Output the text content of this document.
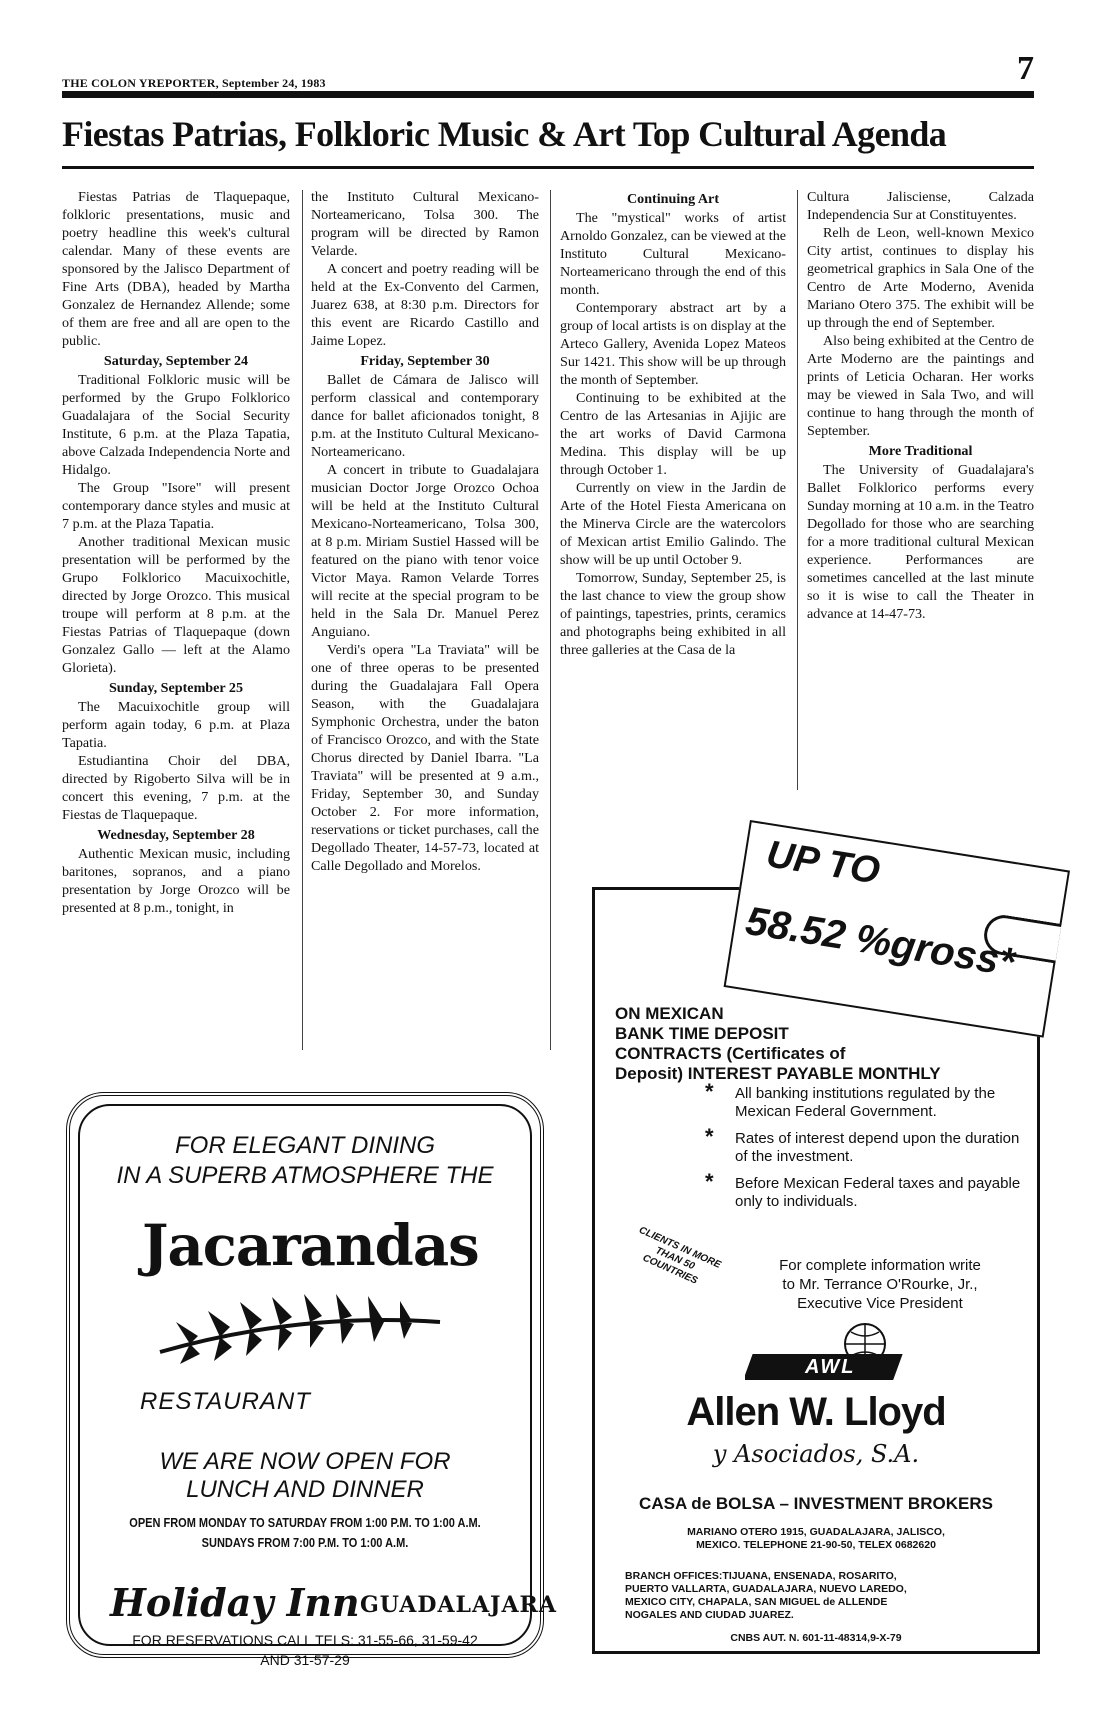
THE COLON YREPORTER, September 24, 1983	7
Fiestas Patrias, Folkloric Music & Art Top Cultural Agenda

Fiestas Patrias de Tlaquepaque, folkloric presentations, music and poetry headline this week's cultural calendar. Many of these events are sponsored by the Jalisco Department of Fine Arts (DBA), headed by Martha Gonzalez de Hernandez Allende; some of them are free and all are open to the public.

Saturday, September 24

Traditional Folkloric music will be performed by the Grupo Folklorico Guadalajara of the Social Security Institute, 6 p.m. at the Plaza Tapatia, above Calzada Independencia Norte and Hidalgo.

The Group "Isore" will present contemporary dance styles and music at 7 p.m. at the Plaza Tapatia.

Another traditional Mexican music presentation will be performed by the Grupo Folklorico Macuixochitle, directed by Jorge Orozco. This musical troupe will perform at 8 p.m. at the Fiestas Patrias of Tlaquepaque (down Gonzalez Gallo — left at the Alamo Glorieta).

Sunday, September 25

The Macuixochitle group will perform again today, 6 p.m. at Plaza Tapatia.

Estudiantina Choir del DBA, directed by Rigoberto Silva will be in concert this evening, 7 p.m. at the Fiestas de Tlaquepaque.

Wednesday, September 28

Authentic Mexican music, including baritones, sopranos, and a piano presentation by Jorge Orozco will be presented at 8 p.m., tonight, in

the Instituto Cultural Mexicano-Norteamericano, Tolsa 300. The program will be directed by Ramon Velarde.

A concert and poetry reading will be held at the Ex-Convento del Carmen, Juarez 638, at 8:30 p.m. Directors for this event are Ricardo Castillo and Jaime Lopez.

Friday, September 30

Ballet de Cámara de Jalisco will perform classical and contemporary dance for ballet aficionados tonight, 8 p.m. at the Instituto Cultural Mexicano-Norteamericano.

A concert in tribute to Guadalajara musician Doctor Jorge Orozco Ochoa will be held at the Instituto Cultural Mexicano-Norteamericano, Tolsa 300, at 8 p.m. Miriam Sustiel Hassed will be featured on the piano with tenor voice Victor Maya. Ramon Velarde Torres will recite at the special program to be held in the Sala Dr. Manuel Perez Anguiano.

Verdi's opera "La Traviata" will be one of three operas to be presented during the Guadalajara Fall Opera Season, with the Guadalajara Symphonic Orchestra, under the baton of Francisco Orozco, and with the State Chorus directed by Daniel Ibarra. "La Traviata" will be presented at 9 a.m., Friday, September 30, and Sunday October 2. For more information, reservations or ticket purchases, call the Degollado Theater, 14-57-73, located at Calle Degollado and Morelos.

Continuing Art

The "mystical" works of artist Arnoldo Gonzalez, can be viewed at the Instituto Cultural Mexicano-Norteamericano through the end of this month.

Contemporary abstract art by a group of local artists is on display at the Arteco Gallery, Avenida Lopez Mateos Sur 1421. This show will be up through the month of September.

Continuing to be exhibited at the Centro de las Artesanias in Ajijic are the art works of David Carmona Medina. This display will be up through October 1.

Currently on view in the Jardin de Arte of the Hotel Fiesta Americana on the Minerva Circle are the watercolors of Mexican artist Emilio Galindo. The show will be up until October 9.

Tomorrow, Sunday, September 25, is the last chance to view the group show of paintings, tapestries, prints, ceramics and photographs being exhibited in all three galleries at the Casa de la

Cultura Jalisciense, Calzada Independencia Sur at Constituyentes.

Relh de Leon, well-known Mexico City artist, continues to display his geometrical graphics in Sala One of the Centro de Arte Moderno, Avenida Mariano Otero 375. The exhibit will be up through the end of September.

Also being exhibited at the Centro de Arte Moderno are the paintings and prints of Leticia Ocharan. Her works may be viewed in Sala Two, and will continue to hang through the month of September.

More Traditional

The University of Guadalajara's Ballet Folklorico performs every Sunday morning at 10 a.m. in the Teatro Degollado for those who are searching for a more traditional cultural Mexican experience. Performances are sometimes cancelled at the last minute so it is wise to call the Theater in advance at 14-47-73.

FOR ELEGANT DINING
IN A SUPERB ATMOSPHERE THE
Jacarandas
RESTAURANT
WE ARE NOW OPEN FOR
LUNCH AND DINNER
OPEN FROM MONDAY TO SATURDAY FROM 1:00 P.M. TO 1:00 A.M.
SUNDAYS FROM 7:00 P.M. TO 1:00 A.M.
Holiday Inn GUADALAJARA
FOR RESERVATIONS CALL TELS: 31-55-66, 31-59-42
AND 31-57-29
ON MEXICAN
BANK TIME DEPOSIT
CONTRACTS (Certificates of
Deposit) INTEREST PAYABLE MONTHLY
* All banking institutions regulated by the Mexican Federal Government.
* Rates of interest depend upon the duration of the investment.
* Before Mexican Federal taxes and payable only to individuals.
CLIENTS IN MORE THAN 50 COUNTRIES	For complete information write
to Mr. Terrance O'Rourke, Jr.,
Executive Vice President
AWL
Allen W. Lloyd
y Asociados, S.A.
CASA de BOLSA – INVESTMENT BROKERS
MARIANO OTERO 1915, GUADALAJARA, JALISCO,
MEXICO. TELEPHONE 21-90-50, TELEX 0682620
BRANCH OFFICES:TIJUANA, ENSENADA, ROSARITO,
PUERTO VALLARTA, GUADALAJARA, NUEVO LAREDO,
MEXICO CITY, CHAPALA, SAN MIGUEL de ALLENDE
NOGALES AND CIUDAD JUAREZ.
CNBS AUT. N. 601-11-48314,9-X-79
UP TO
58.52 %gross*
